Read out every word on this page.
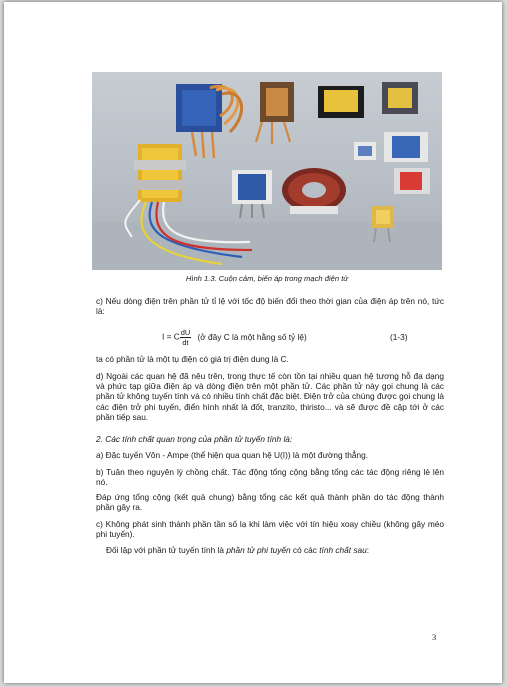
Hình 1.3. Cuộn cảm, biến áp trong mạch điện tử
c) Nếu dòng điện trên phần tử tỉ lệ với tốc độ biến đổi theo thời gian của điện áp trên nó, tức là:
I = C $\frac{dU}{dt}$ (ở đây C là một hằng số tỷ lệ)	(1-3)
ta có phần tử là một tụ điện có giá trị điện dung là C.
d) Ngoài các quan hệ đã nêu trên, trong thực tế còn tồn tại nhiều quan hệ tương hỗ đa dạng và phức tạp giữa điện áp và dòng điện trên một phần tử. Các phần tử này gọi chung là các phần tử không tuyến tính và có nhiều tính chất đặc biệt. Điện trở của chúng được gọi chung là các điện trở phi tuyến, điển hình nhất là đốt, tranzito, thiristo... và sẽ được đề cập tới ở các phần tiếp sau.
2. Các tính chất quan trọng của phần tử tuyến tính là:
a) Đặc tuyến Vôn - Ampe (thể hiện qua quan hệ U(I)) là một đường thẳng.
b) Tuân theo nguyên lý chồng chất. Tác động tổng cộng bằng tổng các tác động riêng lẻ lên nó.
Đáp ứng tổng cộng (kết quả chung) bằng tổng các kết quả thành phần do tác động thành phần gây ra.
c) Không phát sinh thành phần tần số lạ khi làm việc với tín hiệu xoay chiều (không gây méo phi tuyến).
Đối lập với phần tử tuyến tính là phần tử phi tuyến có các tính chất sau:
3
